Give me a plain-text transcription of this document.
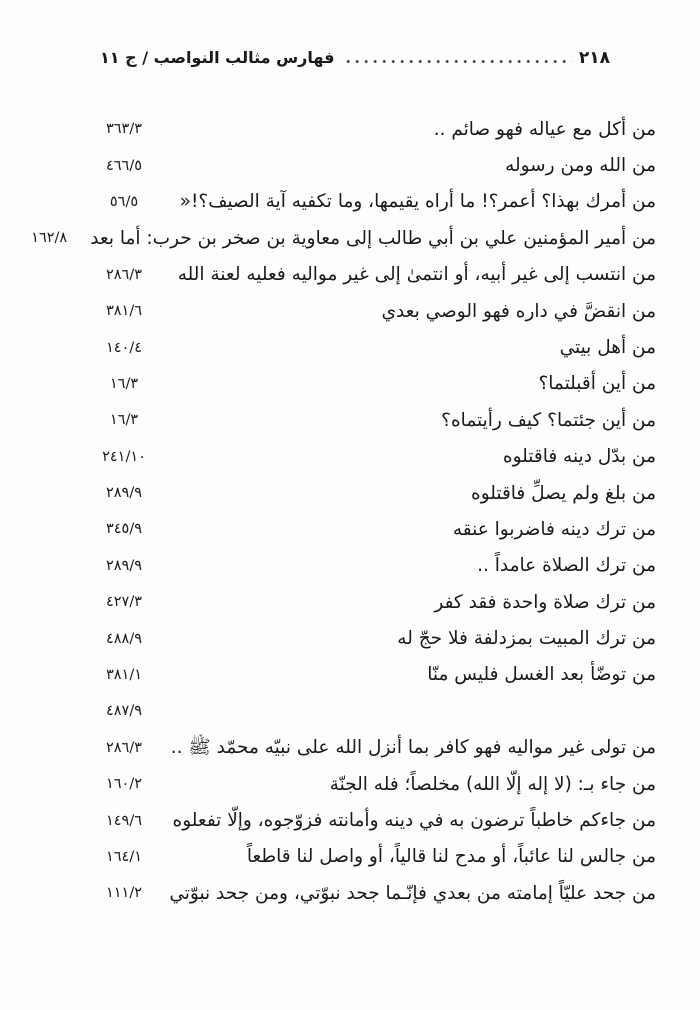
٢١٨
فهارس مثالب النواصب / ج ١١
من أكل مع عياله فهو صائم ..
٣٦٣/٣
من الله ومن رسوله
٤٦٦/٥
من أمرك بهذا؟ أعمر؟! ما أراه يقيمها، وما تكفيه آية الصيف؟!«
٥٦/٥
من أمير المؤمنين علي بن أبي طالب إلى معاوية بن صخر بن حرب: أما بعد
١٦٢/٨
من انتسب إلى غير أبيه، أو انتمىٰ إلى غير مواليه فعليه لعنة الله
٢٨٦/٣
من انقضَّ في داره فهو الوصي بعدي
٣٨١/٦
من أهل بيتي
١٤٠/٤
من أين أقبلتما؟
١٦/٣
من أين جئتما؟ كيف رأيتماه؟
١٦/٣
من بدّل دينه فاقتلوه
٢٤١/١٠
من بلغ ولم يصلِّ فاقتلوه
٢٨٩/٩
من ترك دينه فاضربوا عنقه
٣٤٥/٩
من ترك الصلاة عامداً ..
٢٨٩/٩
من ترك صلاة واحدة فقد كفر
٤٢٧/٣
من ترك المبيت بمزدلفة فلا حجّ له
٤٨٨/٩
من توضّأ بعد الغسل فليس منّا
٣٨١/١
٤٨٧/٩
من تولى غير مواليه فهو كافر بما أنزل الله على نبيّه محمّد ﷺ ..
٢٨٦/٣
من جاء بـ: (لا إله إلّا الله) مخلصاً؛ فله الجنّة
١٦٠/٢
من جاءكم خاطباً ترضون به في دينه وأمانته فزوّجوه، وإلّا تفعلوه
١٤٩/٦
من جالس لنا عائباً، أو مدح لنا قالياً، أو واصل لنا قاطعاً
١٦٤/١
من جحد عليّاً إمامته من بعدي فإنّـما جحد نبوّتي، ومن جحد نبوّتي
١١١/٢
